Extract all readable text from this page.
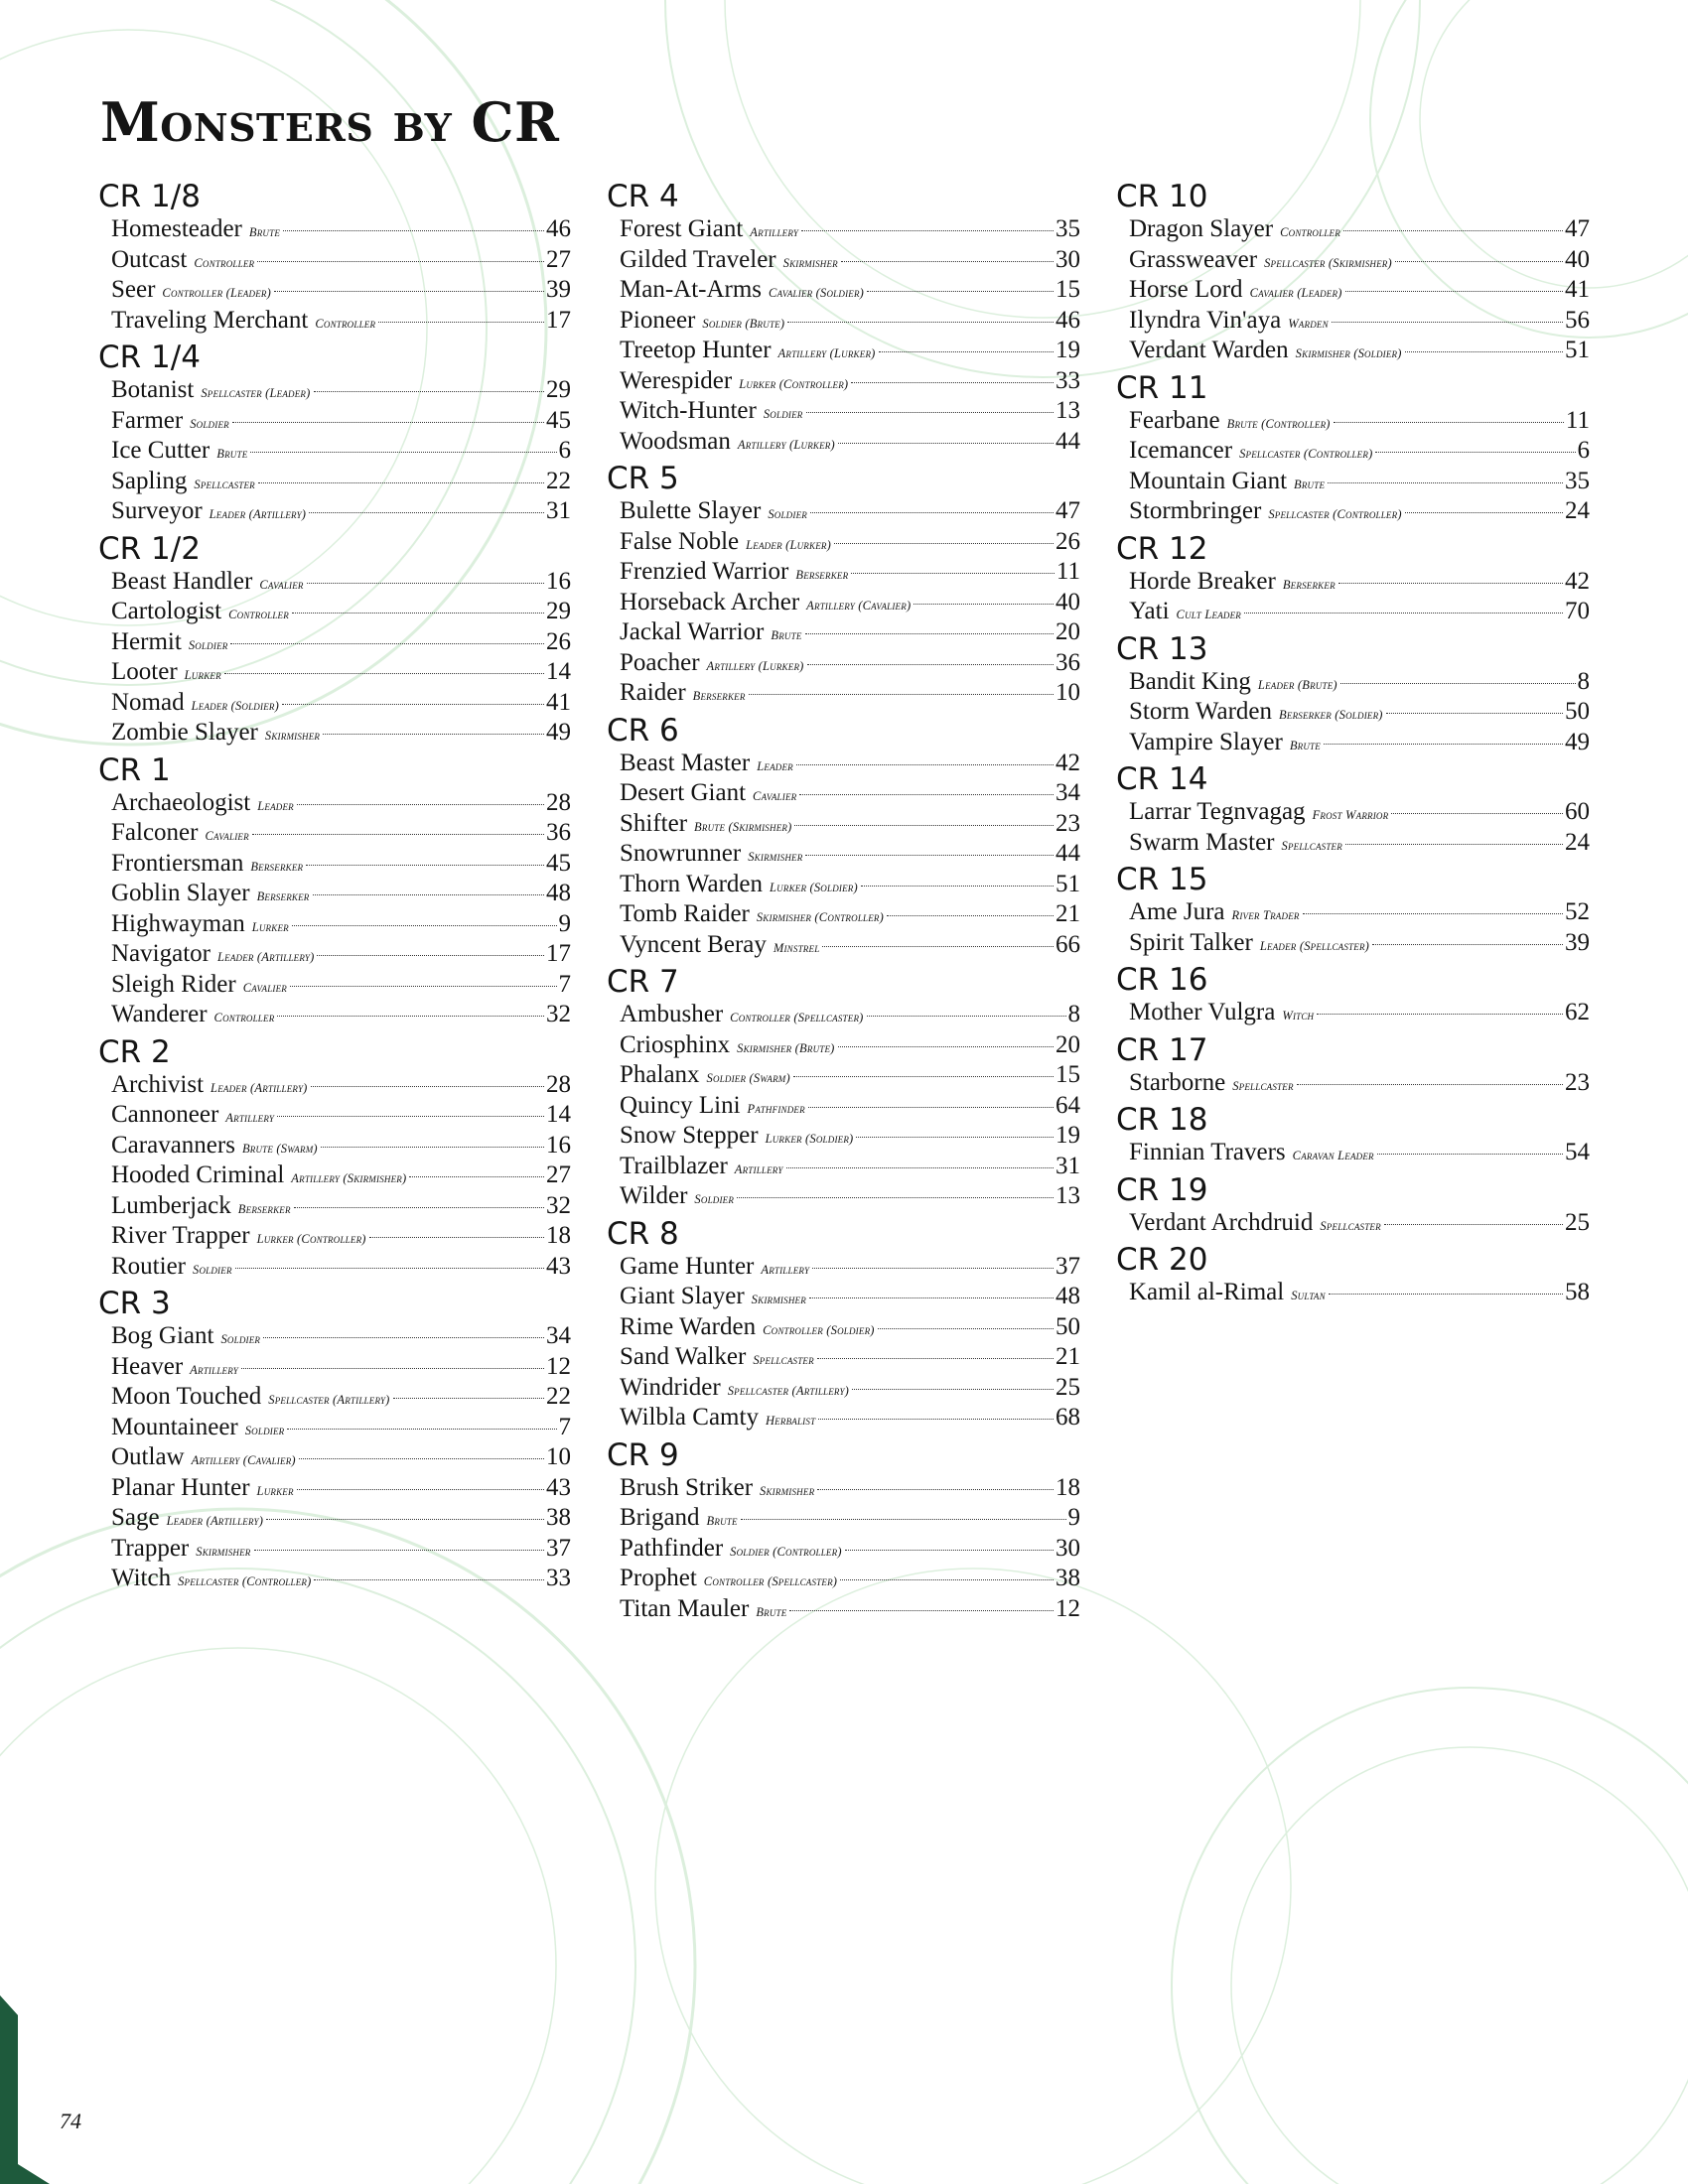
Monsters by CR
CR 1/8
Homesteader Brute	46
Outcast Controller	27
Seer Controller (Leader)	39
Traveling Merchant Controller	17
CR 1/4
Botanist Spellcaster (Leader)	29
Farmer Soldier	45
Ice Cutter Brute	6
Sapling Spellcaster	22
Surveyor Leader (Artillery)	31
CR 1/2
Beast Handler Cavalier	16
Cartologist Controller	29
Hermit Soldier	26
Looter Lurker	14
Nomad Leader (Soldier)	41
Zombie Slayer Skirmisher	49
CR 1
Archaeologist Leader	28
Falconer Cavalier	36
Frontiersman Berserker	45
Goblin Slayer Berserker	48
Highwayman Lurker	9
Navigator Leader (Artillery)	17
Sleigh Rider Cavalier	7
Wanderer Controller	32
CR 2
Archivist Leader (Artillery)	28
Cannoneer Artillery	14
Caravanners Brute (Swarm)	16
Hooded Criminal Artillery (Skirmisher)	27
Lumberjack Berserker	32
River Trapper Lurker (Controller)	18
Routier Soldier	43
CR 3
Bog Giant Soldier	34
Heaver Artillery	12
Moon Touched Spellcaster (Artillery)	22
Mountaineer Soldier	7
Outlaw Artillery (Cavalier)	10
Planar Hunter Lurker	43
Sage Leader (Artillery)	38
Trapper Skirmisher	37
Witch Spellcaster (Controller)	33
CR 4
Forest Giant Artillery	35
Gilded Traveler Skirmisher	30
Man-At-Arms Cavalier (Soldier)	15
Pioneer Soldier (Brute)	46
Treetop Hunter Artillery (Lurker)	19
Werespider Lurker (Controller)	33
Witch-Hunter Soldier	13
Woodsman Artillery (Lurker)	44
CR 5
Bulette Slayer Soldier	47
False Noble Leader (Lurker)	26
Frenzied Warrior Berserker	11
Horseback Archer Artillery (Cavalier)	40
Jackal Warrior Brute	20
Poacher Artillery (Lurker)	36
Raider Berserker	10
CR 6
Beast Master Leader	42
Desert Giant Cavalier	34
Shifter Brute (Skirmisher)	23
Snowrunner Skirmisher	44
Thorn Warden Lurker (Soldier)	51
Tomb Raider Skirmisher (Controller)	21
Vyncent Beray Minstrel	66
CR 7
Ambusher Controller (Spellcaster)	8
Criosphinx Skirmisher (Brute)	20
Phalanx Soldier (Swarm)	15
Quincy Lini Pathfinder	64
Snow Stepper Lurker (Soldier)	19
Trailblazer Artillery	31
Wilder Soldier	13
CR 8
Game Hunter Artillery	37
Giant Slayer Skirmisher	48
Rime Warden Controller (Soldier)	50
Sand Walker Spellcaster	21
Windrider Spellcaster (Artillery)	25
Wilbla Camty Herbalist	68
CR 9
Brush Striker Skirmisher	18
Brigand Brute	9
Pathfinder Soldier (Controller)	30
Prophet Controller (Spellcaster)	38
Titan Mauler Brute	12
CR 10
Dragon Slayer Controller	47
Grassweaver Spellcaster (Skirmisher)	40
Horse Lord Cavalier (Leader)	41
Ilyndra Vin'aya Warden	56
Verdant Warden Skirmisher (Soldier)	51
CR 11
Fearbane Brute (Controller)	11
Icemancer Spellcaster (Controller)	6
Mountain Giant Brute	35
Stormbringer Spellcaster (Controller)	24
CR 12
Horde Breaker Berserker	42
Yati Cult Leader	70
CR 13
Bandit King Leader (Brute)	8
Storm Warden Berserker (Soldier)	50
Vampire Slayer Brute	49
CR 14
Larrar Tegnvagag Frost Warrior	60
Swarm Master Spellcaster	24
CR 15
Ame Jura River Trader	52
Spirit Talker Leader (Spellcaster)	39
CR 16
Mother Vulgra Witch	62
CR 17
Starborne Spellcaster	23
CR 18
Finnian Travers Caravan Leader	54
CR 19
Verdant Archdruid Spellcaster	25
CR 20
Kamil al-Rimal Sultan	58

74
